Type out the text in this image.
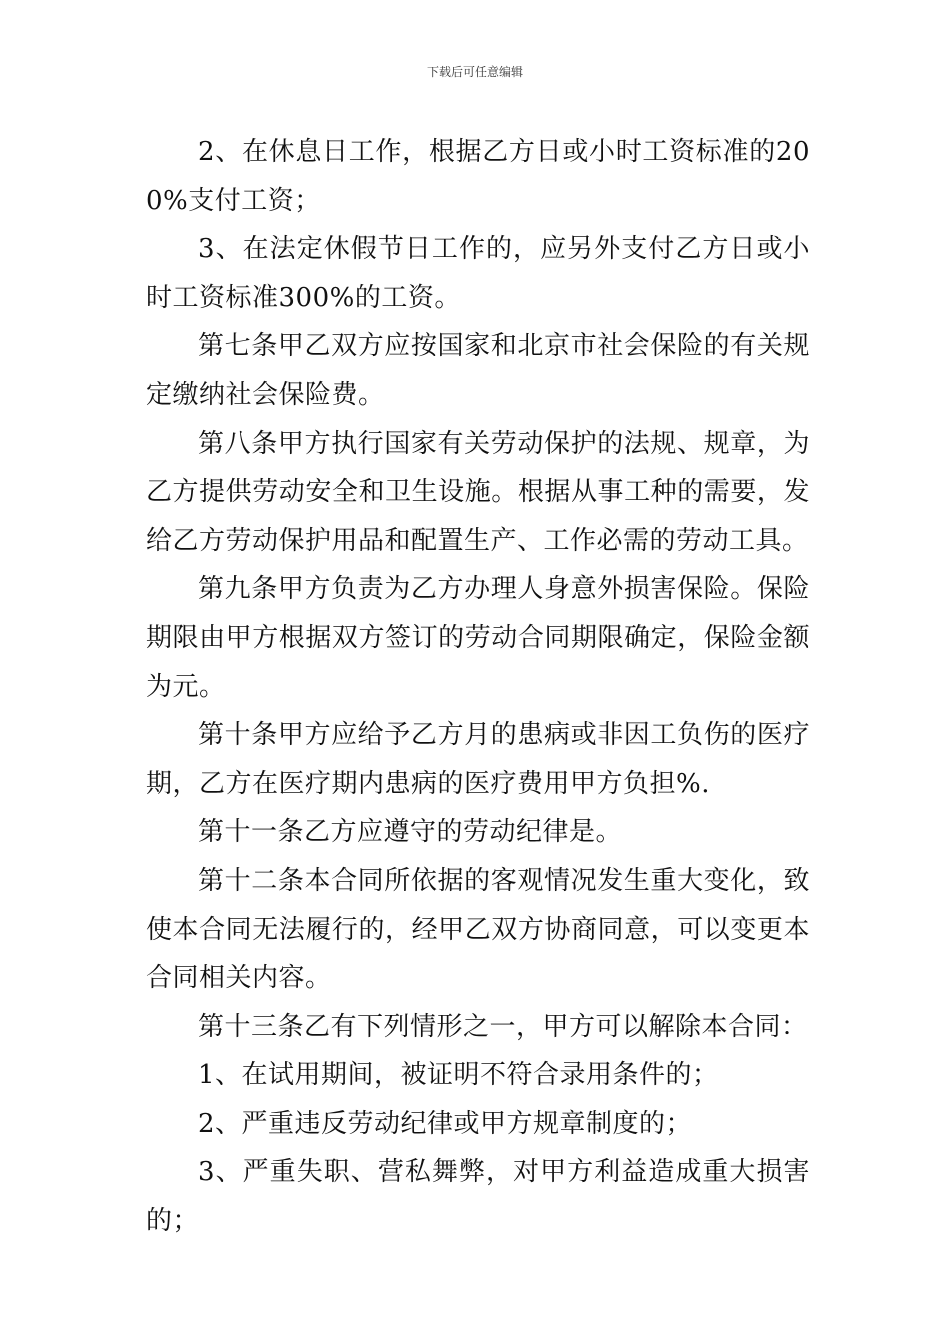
下载后可任意编辑

2、在休息日工作，根据乙方日或小时工资标准的200%支付工资；

3、在法定休假节日工作的，应另外支付乙方日或小时工资标准300%的工资。

第七条甲乙双方应按国家和北京市社会保险的有关规定缴纳社会保险费。

第八条甲方执行国家有关劳动保护的法规、规章，为乙方提供劳动安全和卫生设施。根据从事工种的需要，发给乙方劳动保护用品和配置生产、工作必需的劳动工具。

第九条甲方负责为乙方办理人身意外损害保险。保险期限由甲方根据双方签订的劳动合同期限确定，保险金额为元。

第十条甲方应给予乙方月的患病或非因工负伤的医疗期，乙方在医疗期内患病的医疗费用甲方负担%.

第十一条乙方应遵守的劳动纪律是。

第十二条本合同所依据的客观情况发生重大变化，致使本合同无法履行的，经甲乙双方协商同意，可以变更本合同相关内容。

第十三条乙有下列情形之一，甲方可以解除本合同：

1、在试用期间，被证明不符合录用条件的；

2、严重违反劳动纪律或甲方规章制度的；

3、严重失职、营私舞弊，对甲方利益造成重大损害的；
